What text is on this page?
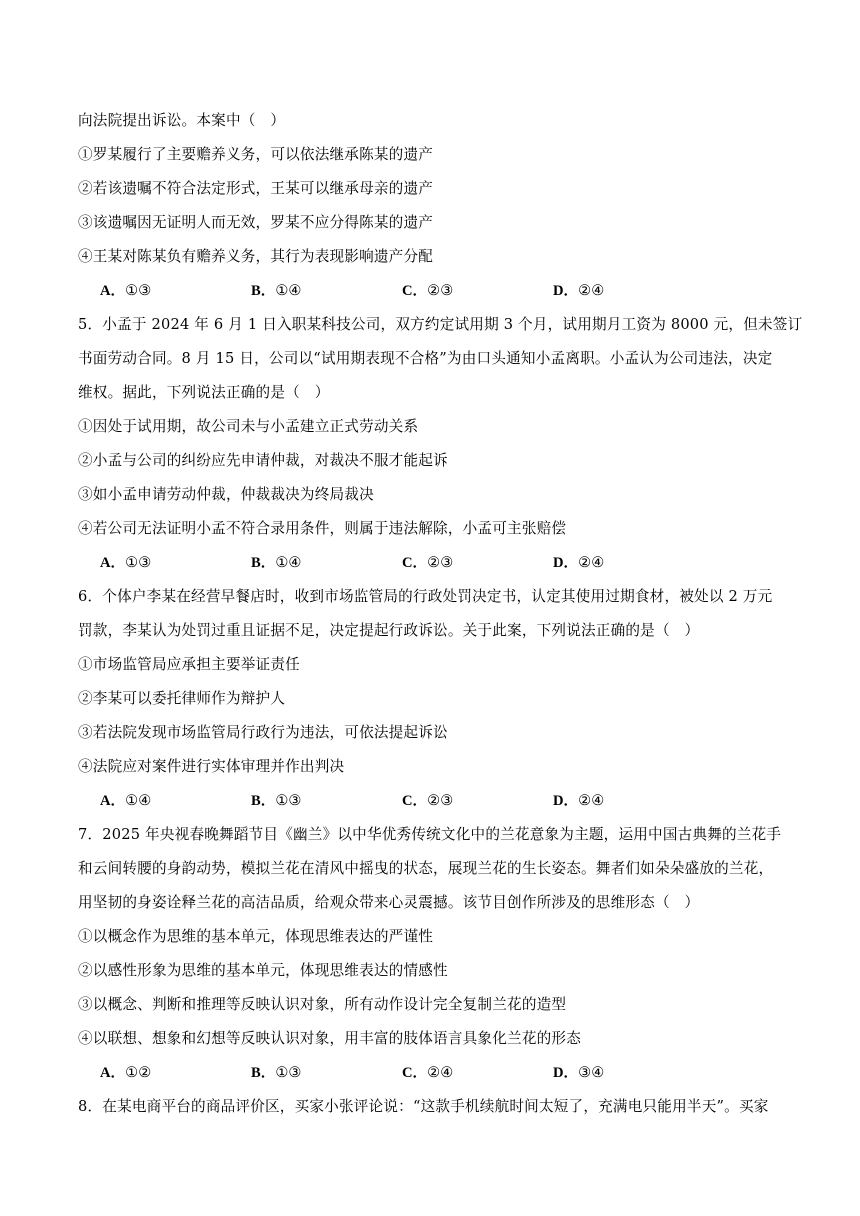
向法院提出诉讼。本案中（　）
①罗某履行了主要赡养义务，可以依法继承陈某的遗产
②若该遗嘱不符合法定形式，王某可以继承母亲的遗产
③该遗嘱因无证明人而无效，罗某不应分得陈某的遗产
④王某对陈某负有赡养义务，其行为表现影响遗产分配
A．①③	B．①④	C．②③	D．②④
5．小孟于 2024 年 6 月 1 日入职某科技公司，双方约定试用期 3 个月，试用期月工资为 8000 元，但未签订
书面劳动合同。8 月 15 日，公司以“试用期表现不合格”为由口头通知小孟离职。小孟认为公司违法，决定
维权。据此，下列说法正确的是（　）
①因处于试用期，故公司未与小孟建立正式劳动关系
②小孟与公司的纠纷应先申请仲裁，对裁决不服才能起诉
③如小孟申请劳动仲裁，仲裁裁决为终局裁决
④若公司无法证明小孟不符合录用条件，则属于违法解除，小孟可主张赔偿
A．①③	B．①④	C．②③	D．②④
6．个体户李某在经营早餐店时，收到市场监管局的行政处罚决定书，认定其使用过期食材，被处以 2 万元
罚款，李某认为处罚过重且证据不足，决定提起行政诉讼。关于此案，下列说法正确的是（　）
①市场监管局应承担主要举证责任
②李某可以委托律师作为辩护人
③若法院发现市场监管局行政行为违法，可依法提起诉讼
④法院应对案件进行实体审理并作出判决
A．①④	B．①③	C．②③	D．②④
7．2025 年央视春晚舞蹈节目《幽兰》以中华优秀传统文化中的兰花意象为主题，运用中国古典舞的兰花手
和云间转腰的身韵动势，模拟兰花在清风中摇曳的状态，展现兰花的生长姿态。舞者们如朵朵盛放的兰花，
用坚韧的身姿诠释兰花的高洁品质，给观众带来心灵震撼。该节目创作所涉及的思维形态（　）
①以概念作为思维的基本单元，体现思维表达的严谨性
②以感性形象为思维的基本单元，体现思维表达的情感性
③以概念、判断和推理等反映认识对象，所有动作设计完全复制兰花的造型
④以联想、想象和幻想等反映认识对象，用丰富的肢体语言具象化兰花的形态
A．①②	B．①③	C．②④	D．③④
8．在某电商平台的商品评价区，买家小张评论说：“这款手机续航时间太短了，充满电只能用半天”。买家
